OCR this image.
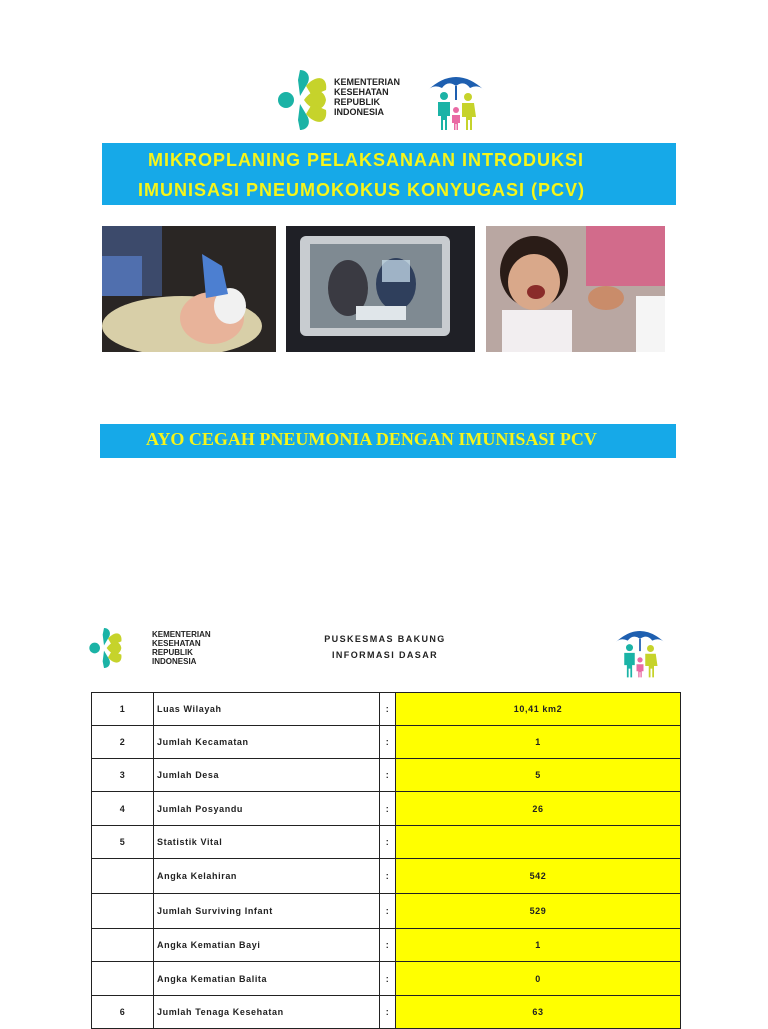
KEMENTERIAN
KESEHATAN
REPUBLIK
INDONESIA
MIKROPLANING PELAKSANAAN INTRODUKSI
IMUNISASI PNEUMOKOKUS KONYUGASI (PCV)
AYO CEGAH PNEUMONIA DENGAN IMUNISASI PCV
KEMENTERIAN
KESEHATAN
REPUBLIK
INDONESIA
PUSKESMAS BAKUNG
INFORMASI DASAR
1	Luas Wilayah	:	10,41 km2
2	Jumlah Kecamatan	:	1
3	Jumlah Desa	:	5
4	Jumlah Posyandu	:	26
5	Statistik Vital	:	
	Angka Kelahiran	:	542
	Jumlah Surviving Infant	:	529
	Angka Kematian Bayi	:	1
	Angka Kematian Balita	:	0
6	Jumlah Tenaga Kesehatan	:	63
